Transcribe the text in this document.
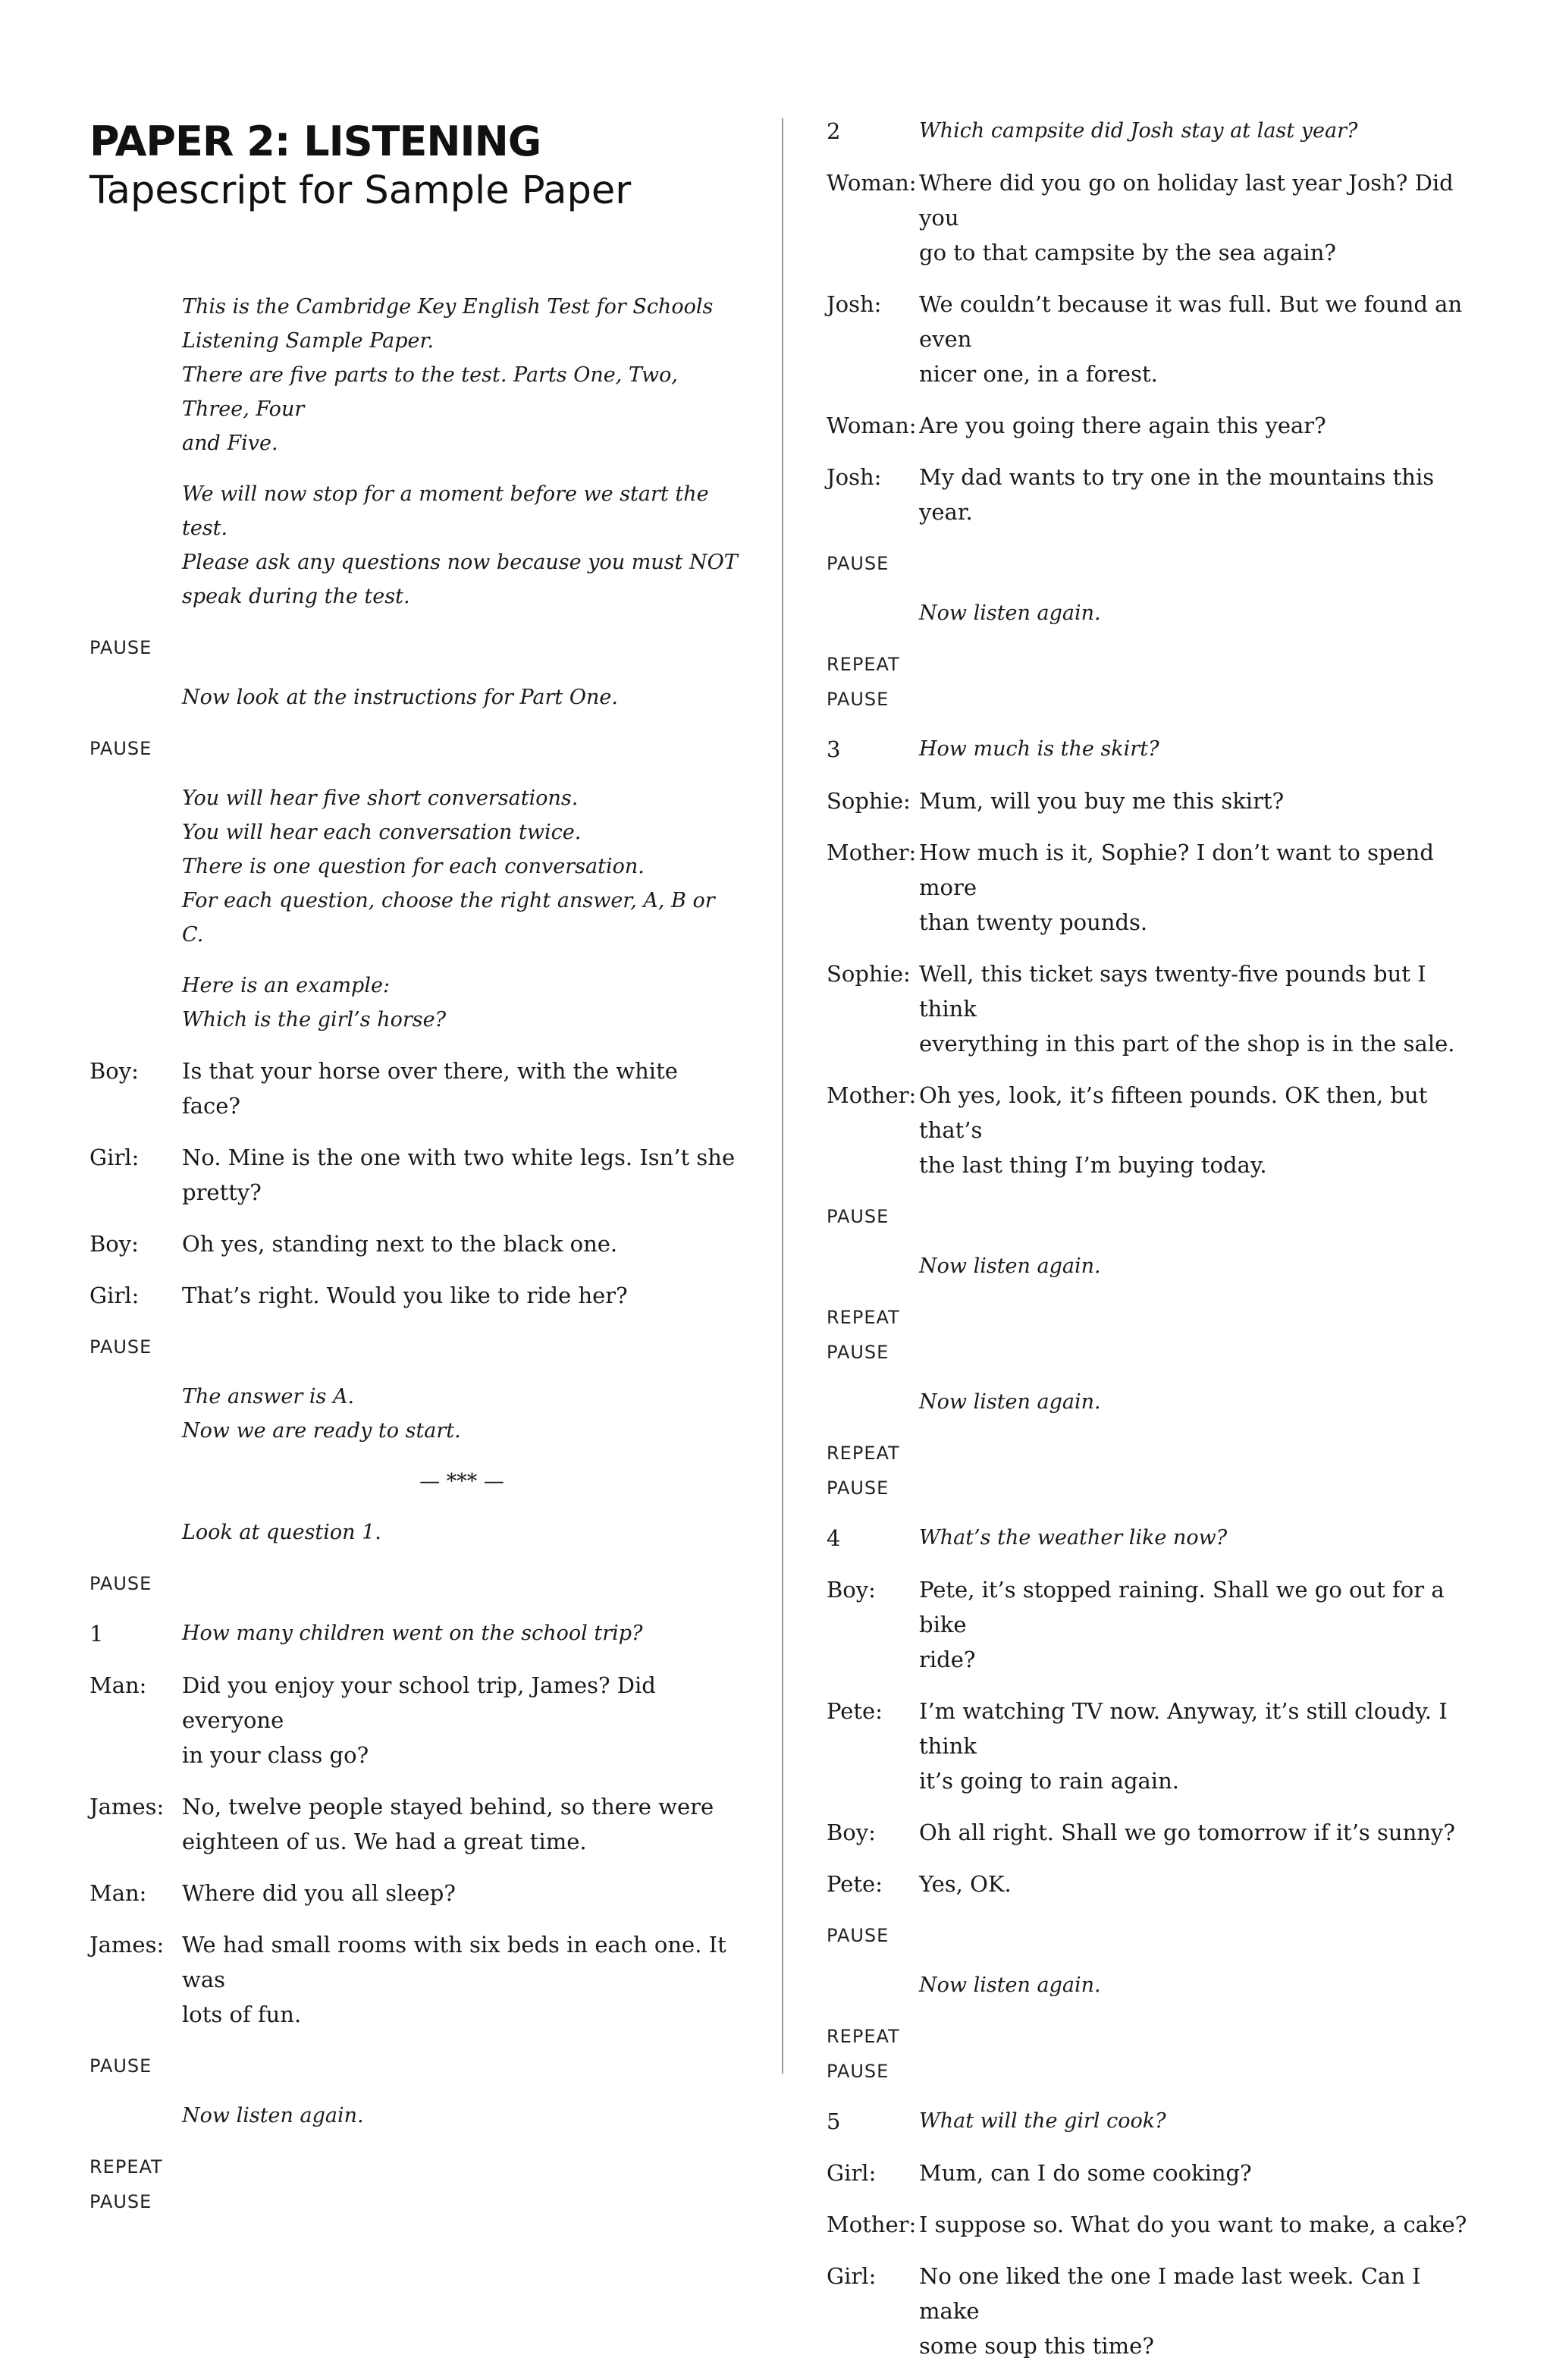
PAPER 2: LISTENING
Tapescript for Sample Paper
This is the Cambridge Key English Test for Schools
Listening Sample Paper.
There are five parts to the test. Parts One, Two, Three, Four
and Five.
We will now stop for a moment before we start the test.
Please ask any questions now because you must NOT
speak during the test.
PAUSE
Now look at the instructions for Part One.
PAUSE
You will hear five short conversations.
You will hear each conversation twice.
There is one question for each conversation.
For each question, choose the right answer, A, B or C.
Here is an example:
Which is the girl’s horse?
Boy:	Is that your horse over there, with the white face?
Girl:	No. Mine is the one with two white legs. Isn’t she
pretty?
Boy:	Oh yes, standing next to the black one.
Girl:	That’s right. Would you like to ride her?
PAUSE
The answer is A.
Now we are ready to start.
— *** —
Look at question 1.
PAUSE
1	How many children went on the school trip?
Man:	Did you enjoy your school trip, James? Did everyone
in your class go?
James: No, twelve people stayed behind, so there were
eighteen of us. We had a great time.
Man:	Where did you all sleep?
James: We had small rooms with six beds in each one. It was
lots of fun.
PAUSE
Now listen again.
REPEAT
PAUSE
2	Which campsite did Josh stay at last year?
Woman: Where did you go on holiday last year Josh? Did you
go to that campsite by the sea again?
Josh:	We couldn’t because it was full. But we found an even
nicer one, in a forest.
Woman: Are you going there again this year?
Josh:	My dad wants to try one in the mountains this year.
PAUSE
Now listen again.
REPEAT
PAUSE
3	How much is the skirt?
Sophie: Mum, will you buy me this skirt?
Mother: How much is it, Sophie? I don’t want to spend more
than twenty pounds.
Sophie: Well, this ticket says twenty-five pounds but I think
everything in this part of the shop is in the sale.
Mother: Oh yes, look, it’s fifteen pounds. OK then, but that’s
the last thing I’m buying today.
PAUSE
Now listen again.
REPEAT
PAUSE
Now listen again.
REPEAT
PAUSE
4	What’s the weather like now?
Boy:	Pete, it’s stopped raining. Shall we go out for a bike
ride?
Pete:	I’m watching TV now. Anyway, it’s still cloudy. I think
it’s going to rain again.
Boy:	Oh all right. Shall we go tomorrow if it’s sunny?
Pete:	Yes, OK.
PAUSE
Now listen again.
REPEAT
PAUSE
5	What will the girl cook?
Girl:	Mum, can I do some cooking?
Mother: I suppose so. What do you want to make, a cake?
Girl:	No one liked the one I made last week. Can I make
some soup this time?
